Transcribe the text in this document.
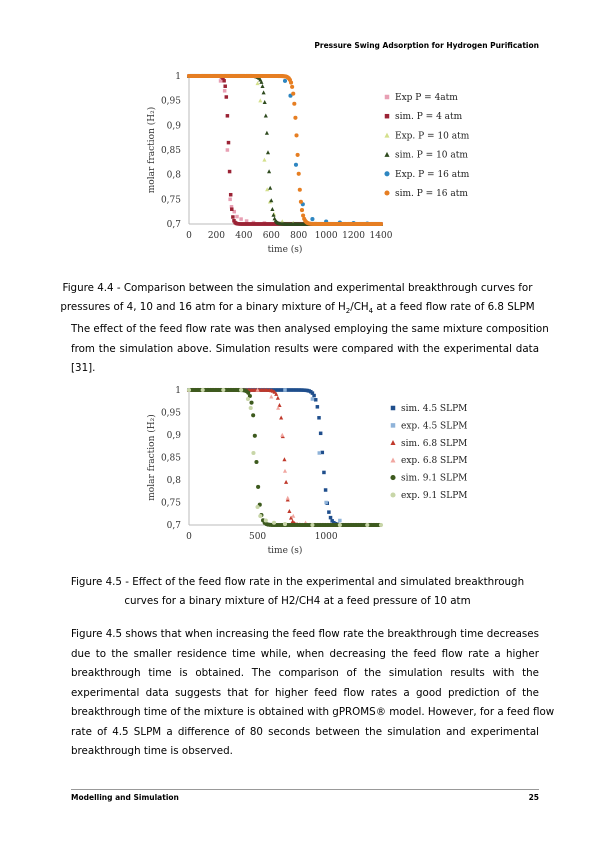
Pressure Swing Adsorption for Hydrogen Purification
0,7
0,75
0,8
0,85
0,9
0,95
1
0 200 400 600 800 1000 1200 1400
time (s)
molar fraction (H₂)
Exp P = 4atm
sim. P = 4 atm
Exp. P = 10 atm
sim. P = 10 atm
Exp. P = 16 atm
sim. P = 16 atm
Figure 4.4 - Comparison between the simulation and experimental breakthrough curves for
pressures of 4, 10 and 16 atm for a binary mixture of $H_2/CH_4$ at a feed flow rate of 6.8 SLPM
The effect of the feed flow rate was then analysed employing the same mixture composition
from the simulation above. Simulation results were compared with the experimental data
[31].
0,7
0,75
0,8
0,85
0,9
0,95
1
0	500	1000
time (s)
molar fraction (H₂)
sim. 4.5 SLPM
exp. 4.5 SLPM
sim. 6.8 SLPM
exp. 6.8 SLPM
sim. 9.1 SLPM
exp. 9.1 SLPM
Figure 4.5 - Effect of the feed flow rate in the experimental and simulated breakthrough
curves for a binary mixture of H2/CH4 at a feed pressure of 10 atm
Figure 4.5 shows that when increasing the feed flow rate the breakthrough time decreases
due to the smaller residence time while, when decreasing the feed flow rate a higher
breakthrough time is obtained. The comparison of the simulation results with the
experimental data suggests that for higher feed flow rates a good prediction of the
breakthrough time of the mixture is obtained with gPROMS® model. However, for a feed flow
rate of 4.5 SLPM a difference of 80 seconds between the simulation and experimental
breakthrough time is observed.
Modelling and Simulation	25
